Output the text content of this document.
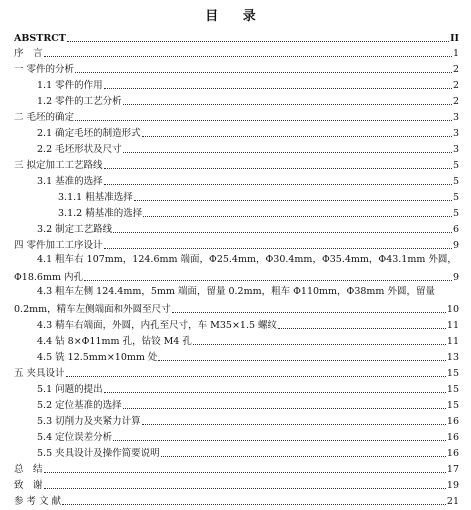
目 录
ABSTRCT	II
序　言	1
一 零件的分析	2
1.1 零件的作用	2
1.2 零件的工艺分析	2
二 毛坯的确定	3
2.1 确定毛坯的制造形式	3
2.2 毛坯形状及尺寸	3
三 拟定加工工艺路线	5
3.1 基准的选择	5
3.1.1 粗基准选择	5
3.1.2 精基准的选择	5
3.2 制定工艺路线	6
四 零件加工工序设计	9
4.1 粗车右 107mm，124.6mm 端面，Φ25.4mm，Φ30.4mm，Φ35.4mm，Φ43.1mm 外圆，
Φ18.6mm 内孔	9
4.3 粗车左侧 124.4mm，5mm 端面，留量 0.2mm，粗车 Φ110mm，Φ38mm 外圆，留量
0.2mm，精车左侧端面和外圆至尺寸	10
4.3 精车右端面，外圆，内孔至尺寸，车 M35×1.5 螺纹	11
4.4 钻 8×Φ11mm 孔，钻铰 M4 孔	11
4.5 铣 12.5mm×10mm 处	13
五 夹具设计	15
5.1 问题的提出	15
5.2 定位基准的选择	15
5.3 切削力及夹紧力计算	16
5.4 定位误差分析	16
5.5 夹具设计及操作简要说明	16
总　结	17
致　谢	19
参 考 文 献	21
